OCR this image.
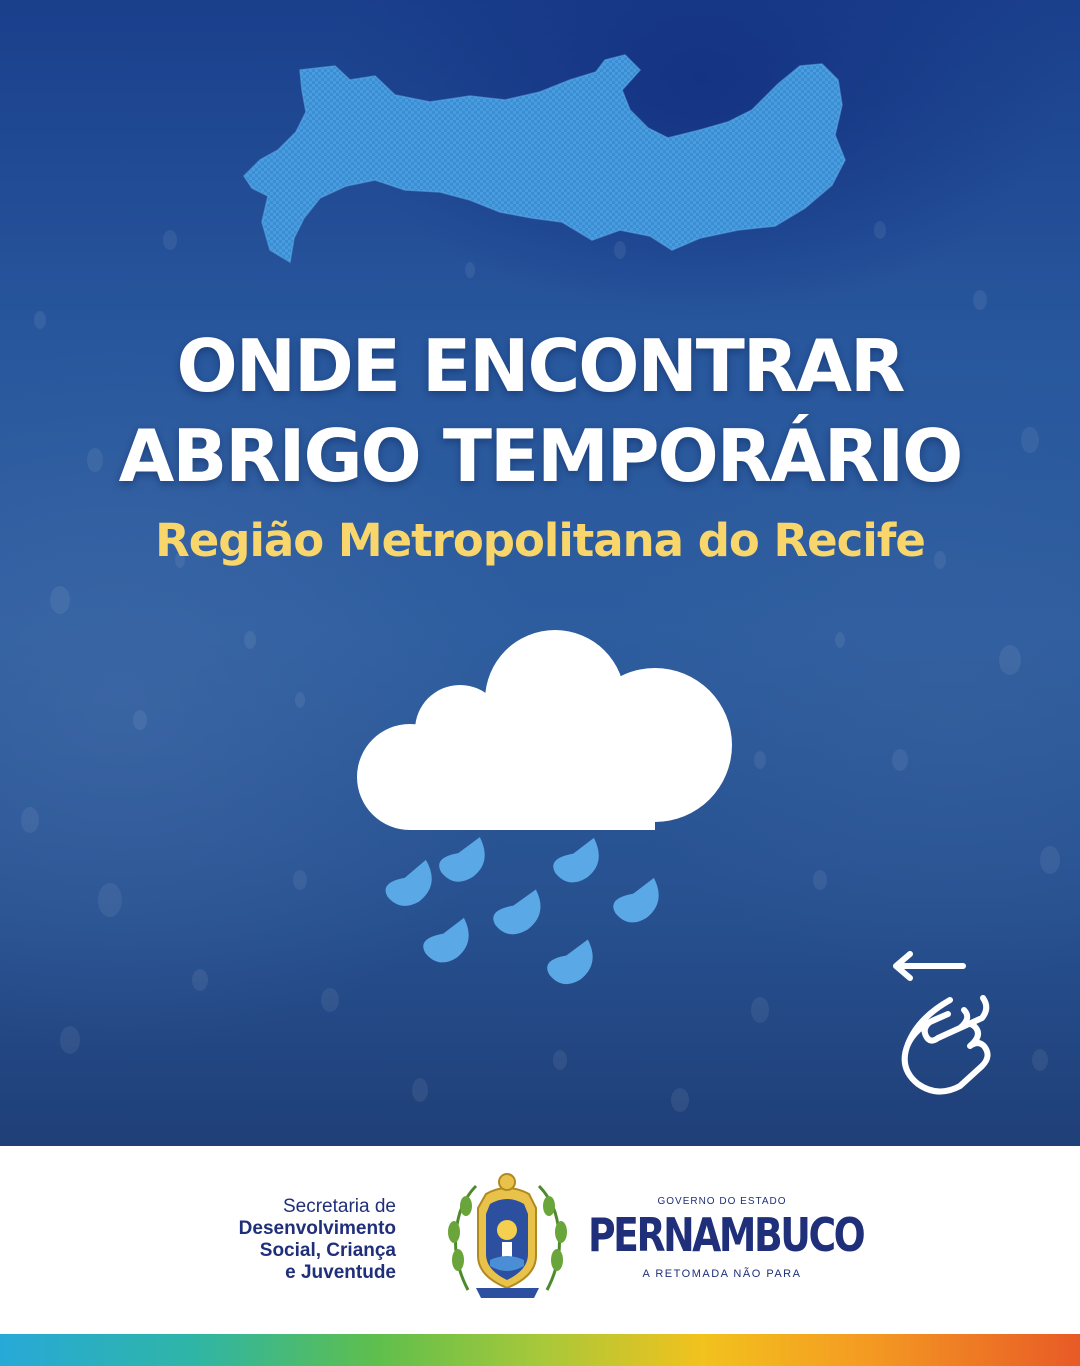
ONDE ENCONTRAR
ABRIGO TEMPORÁRIO
Região Metropolitana do Recife
Secretaria de
Desenvolvimento
Social, Criança
e Juventude
GOVERNO DO ESTADO
PERNAMBUCO
A RETOMADA NÃO PARA
